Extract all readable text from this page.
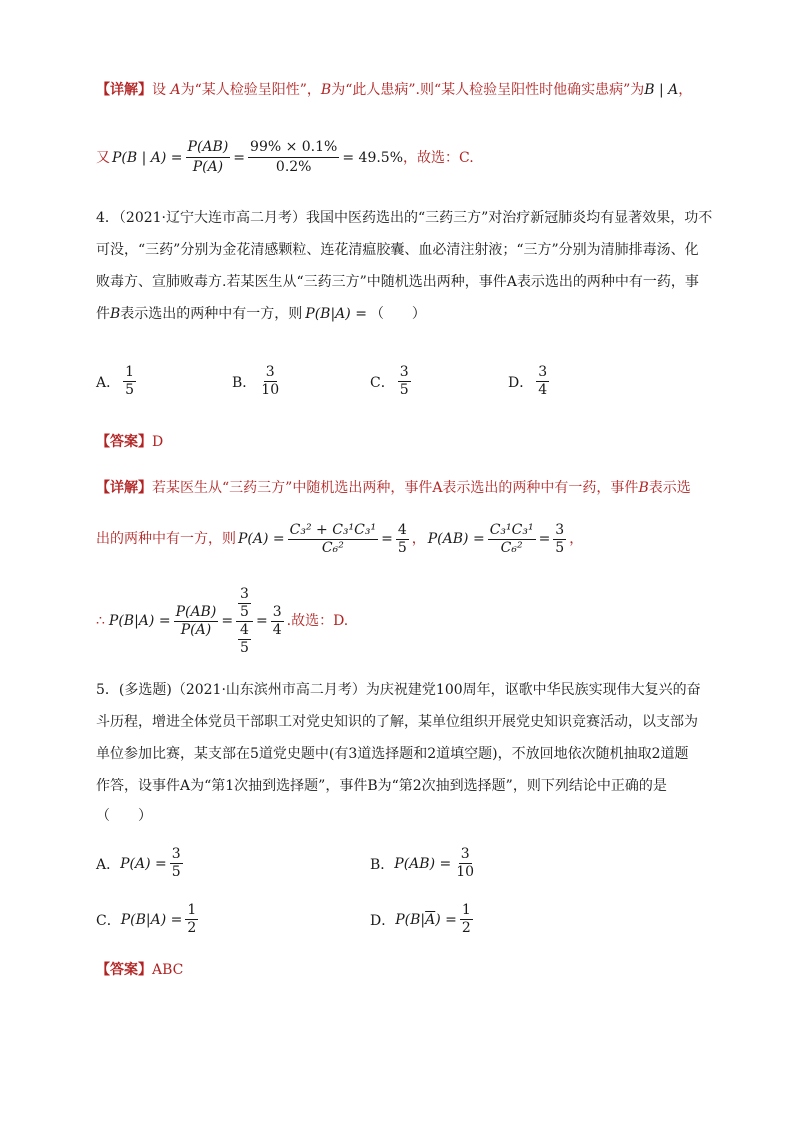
【详解】设 A为“某人检验呈阳性”，B为“此人患病”.则“某人检验呈阳性时他确实患病”为B | A，
又 P(B | $A) = \frac{P(AB)}{P(A)} = \frac{99\% \times 0.1\%}{0.2\%} = 49.5\%$ ，故选：C.
4．（2021·辽宁大连市高二月考）我国中医药选出的“三药三方”对治疗新冠肺炎均有显著效果，功不
可没，“三药”分别为金花清感颗粒、连花清瘟胶囊、血必清注射液；“三方”分别为清肺排毒汤、化
败毒方、宣肺败毒方.若某医生从“三药三方”中随机选出两种，事件A表示选出的两种中有一药，事
件B表示选出的两种中有一方，则 P(B|A) = （　　）
A． $\frac{1}{5}$	B． $\frac{3}{10}$	C． $\frac{3}{5}$	D． $\frac{3}{4}$
【答案】D
【详解】若某医生从“三药三方”中随机选出两种，事件A表示选出的两种中有一药，事件B表示选
出的两种中有一方，则 $P(A) = \frac{\text{C₃² + C₃¹C₃¹}}{\text{C₆²}} = \frac{4}{5}$ ， $P(AB) = \frac{\text{C₃¹C₃¹}}{\text{C₆²}} = \frac{3}{5}$ ，
∴ $P(B|A) = \frac{P(AB)}{P(A)} = \frac{\frac{3}{5}}{\frac{4}{5}} = \frac{3}{4}$ .故选：D.
5．(多选题)（2021·山东滨州市高二月考）为庆祝建党100周年，讴歌中华民族实现伟大复兴的奋
斗历程，增进全体党员干部职工对党史知识的了解，某单位组织开展党史知识竞赛活动，以支部为
单位参加比赛，某支部在5道党史题中(有3道选择题和2道填空题)，不放回地依次随机抽取2道题
作答，设事件A为“第1次抽到选择题”，事件B为“第2次抽到选择题”，则下列结论中正确的是
（　　）
A． $P(A) = \frac{3}{5}$	B． $P(AB) = \frac{3}{10}$
C． $P(B|A) = \frac{1}{2}$	D． P(B| $\overline{A}$ ) = $\frac{1}{2}$
【答案】ABC
